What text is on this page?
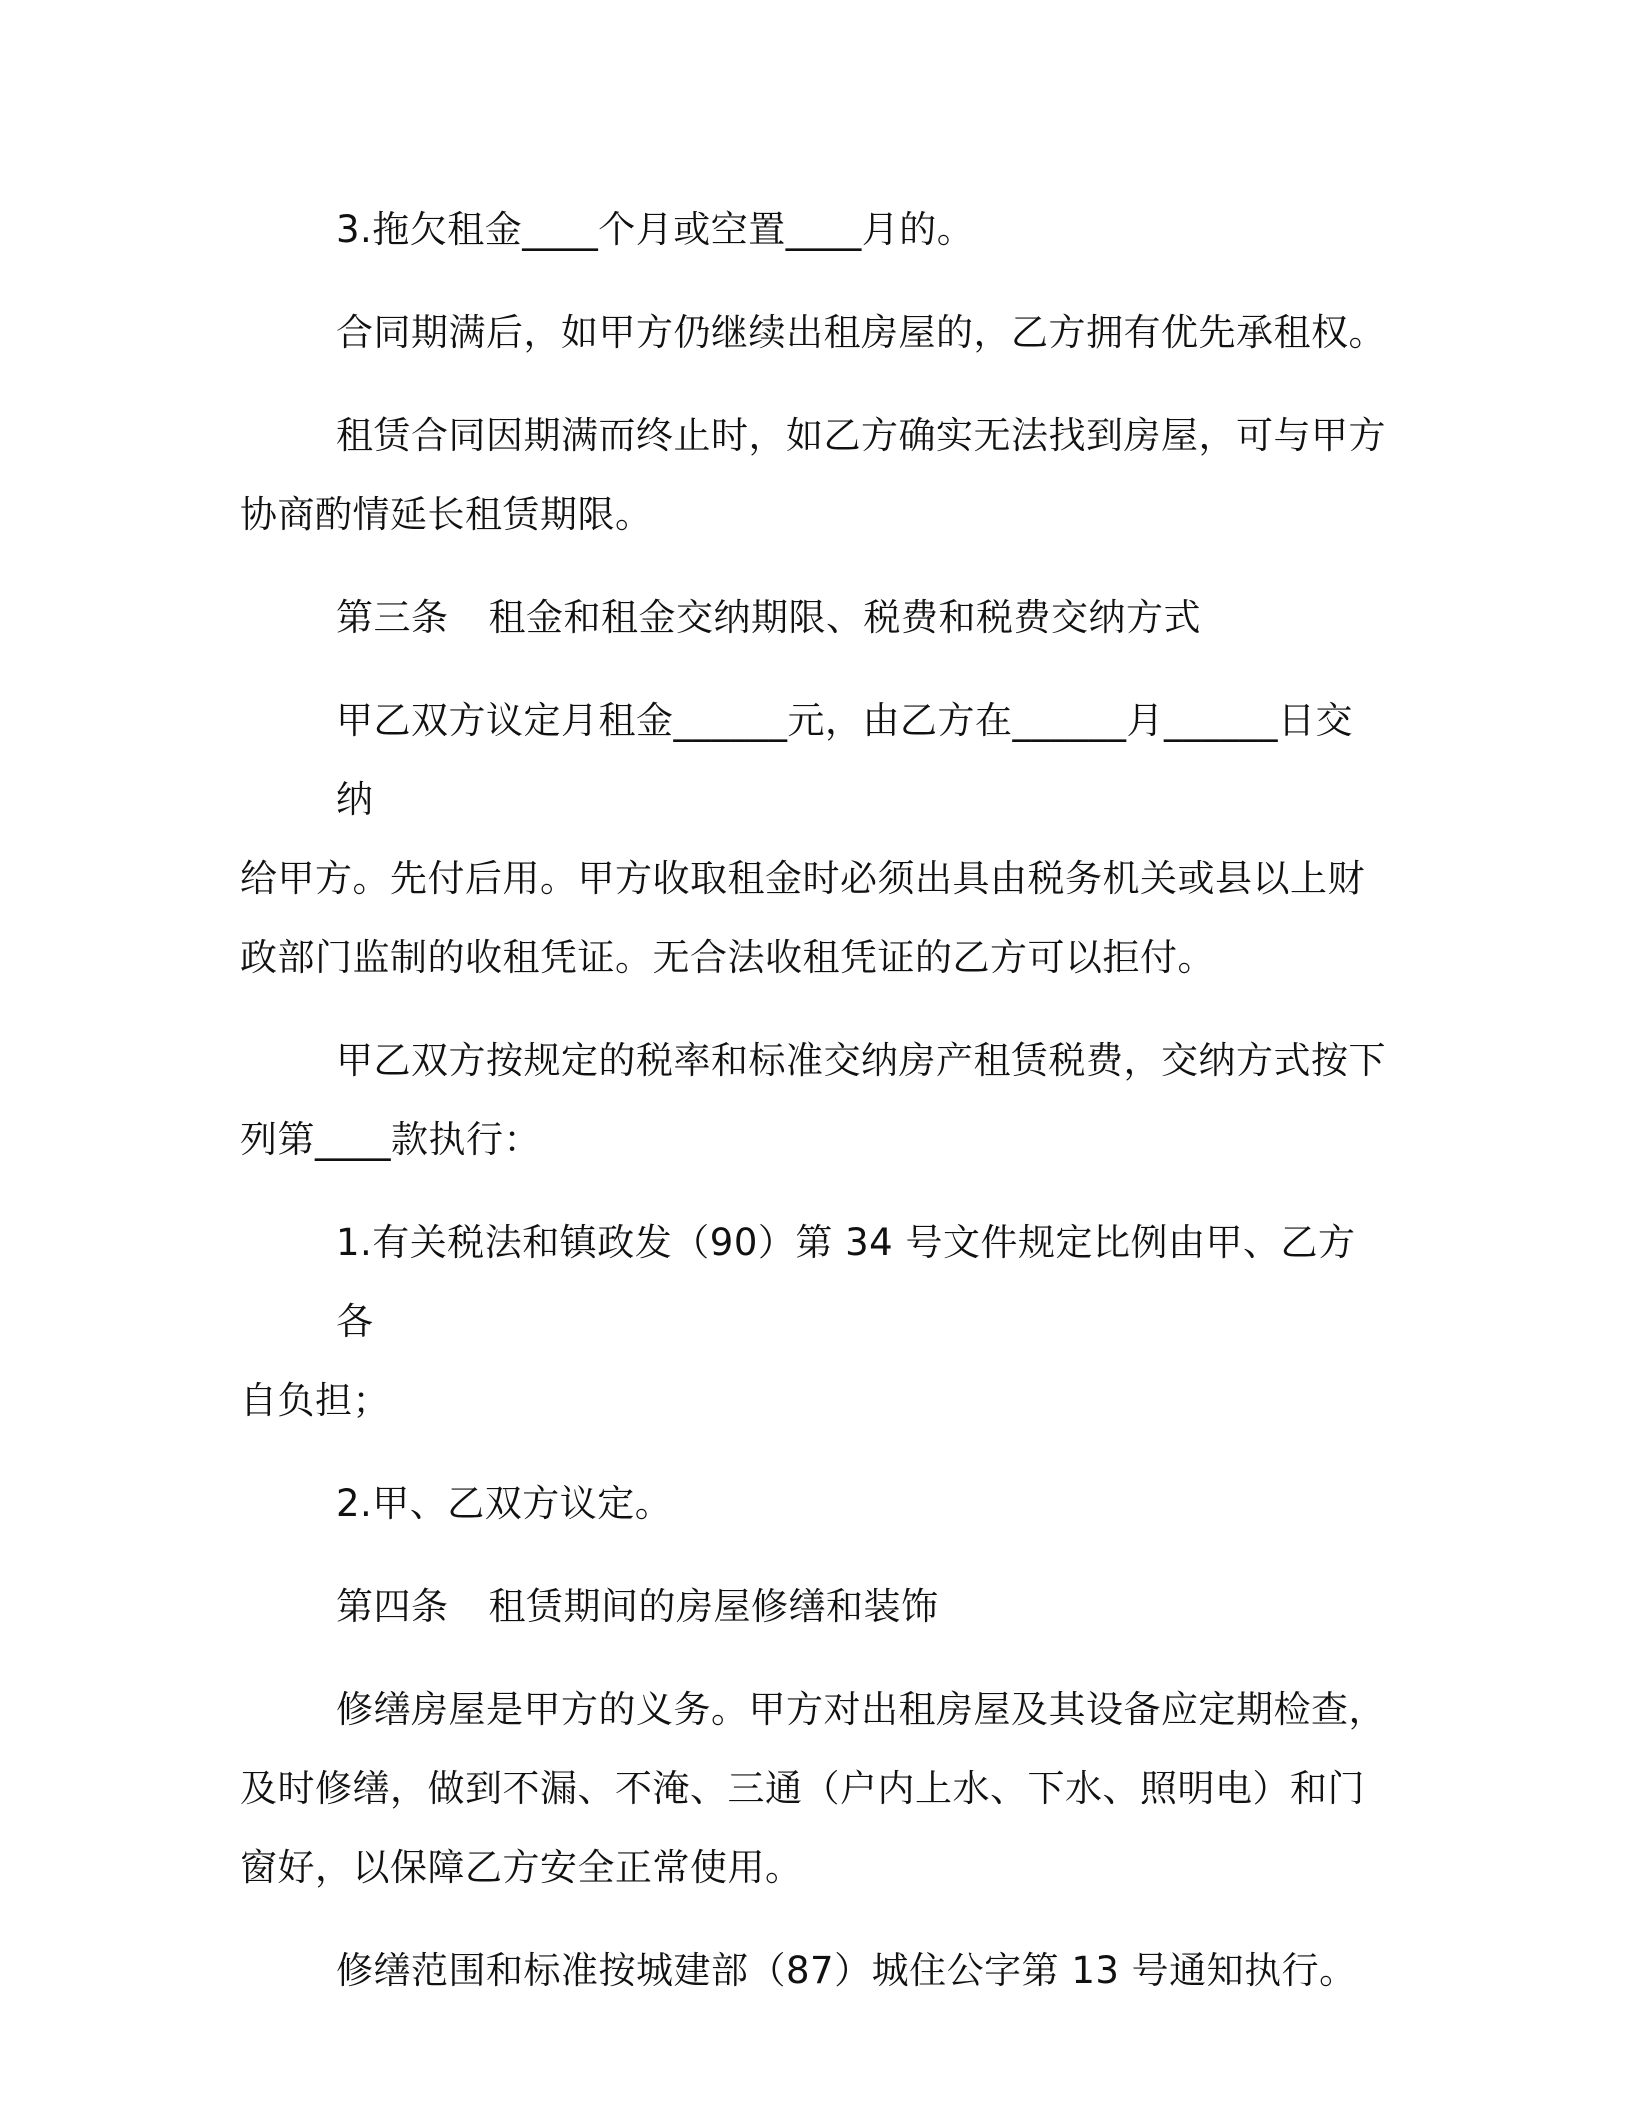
3.拖欠租金____个月或空置____月的。

合同期满后，如甲方仍继续出租房屋的，乙方拥有优先承租权。

租赁合同因期满而终止时，如乙方确实无法找到房屋，可与甲方
协商酌情延长租赁期限。

第三条 租金和租金交纳期限、税费和税费交纳方式

甲乙双方议定月租金______元，由乙方在______月______日交纳
给甲方。先付后用。甲方收取租金时必须出具由税务机关或县以上财
政部门监制的收租凭证。无合法收租凭证的乙方可以拒付。

甲乙双方按规定的税率和标准交纳房产租赁税费，交纳方式按下
列第____款执行：

1.有关税法和镇政发（90）第 34 号文件规定比例由甲、乙方各
自负担；

2.甲、乙双方议定。

第四条 租赁期间的房屋修缮和装饰

修缮房屋是甲方的义务。甲方对出租房屋及其设备应定期检查，
及时修缮，做到不漏、不淹、三通（户内上水、下水、照明电）和门
窗好，以保障乙方安全正常使用。

修缮范围和标准按城建部（87）城住公字第 13 号通知执行。
